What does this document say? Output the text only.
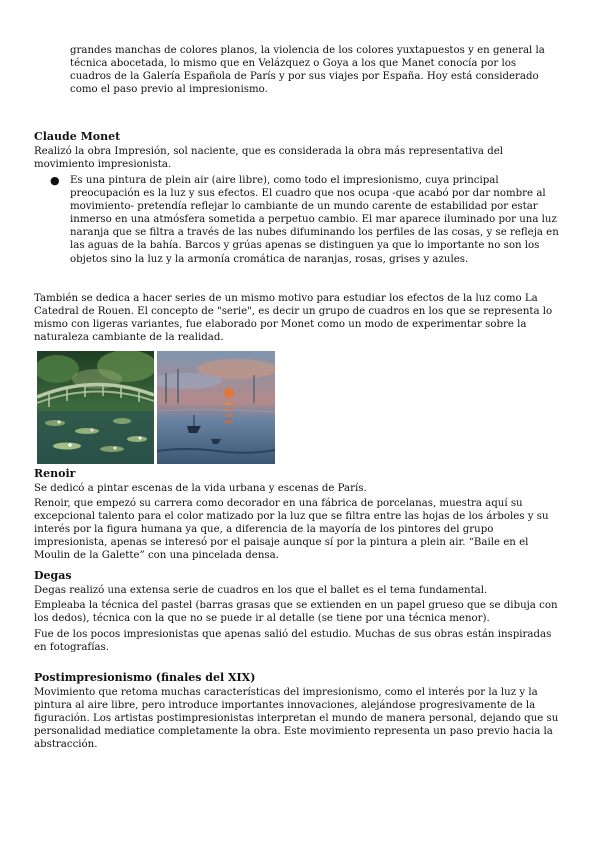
grandes manchas de colores planos, la violencia de los colores yuxtapuestos y en general la técnica abocetada, lo mismo que en Velázquez o Goya a los que Manet conocía por los cuadros de la Galería Española de París y por sus viajes por España. Hoy está considerado como el paso previo al impresionismo.

Claude Monet

Realizó la obra Impresión, sol naciente, que es considerada la obra más representativa del movimiento impresionista.

● Es una pintura de plein air (aire libre), como todo el impresionismo, cuya principal preocupación es la luz y sus efectos. El cuadro que nos ocupa -que acabó por dar nombre al movimiento- pretendía reflejar lo cambiante de un mundo carente de estabilidad por estar inmerso en una atmósfera sometida a perpetuo cambio. El mar aparece iluminado por una luz naranja que se filtra a través de las nubes difuminando los perfiles de las cosas, y se refleja en las aguas de la bahía. Barcos y grúas apenas se distinguen ya que lo importante no son los objetos sino la luz y la armonía cromática de naranjas, rosas, grises y azules.

También se dedica a hacer series de un mismo motivo para estudiar los efectos de la luz como La Catedral de Rouen. El concepto de "serie", es decir un grupo de cuadros en los que se representa lo mismo con ligeras variantes, fue elaborado por Monet como un modo de experimentar sobre la naturaleza cambiante de la realidad.

Renoir

Se dedicó a pintar escenas de la vida urbana y escenas de París.

Renoir, que empezó su carrera como decorador en una fábrica de porcelanas, muestra aquí su excepcional talento para el color matizado por la luz que se filtra entre las hojas de los árboles y su interés por la figura humana ya que, a diferencia de la mayoría de los pintores del grupo impresionista, apenas se interesó por el paisaje aunque sí por la pintura a plein air. “Baile en el Moulin de la Galette” con una pincelada densa.

Degas

Degas realizó una extensa serie de cuadros en los que el ballet es el tema fundamental.

Empleaba la técnica del pastel (barras grasas que se extienden en un papel grueso que se dibuja con los dedos), técnica con la que no se puede ir al detalle (se tiene por una técnica menor).

Fue de los pocos impresionistas que apenas salió del estudio. Muchas de sus obras están inspiradas en fotografías.

Postimpresionismo (finales del XIX)

Movimiento que retoma muchas características del impresionismo, como el interés por la luz y la pintura al aire libre, pero introduce importantes innovaciones, alejándose progresivamente de la figuración. Los artistas postimpresionistas interpretan el mundo de manera personal, dejando que su personalidad mediatice completamente la obra. Este movimiento representa un paso previo hacia la abstracción.
